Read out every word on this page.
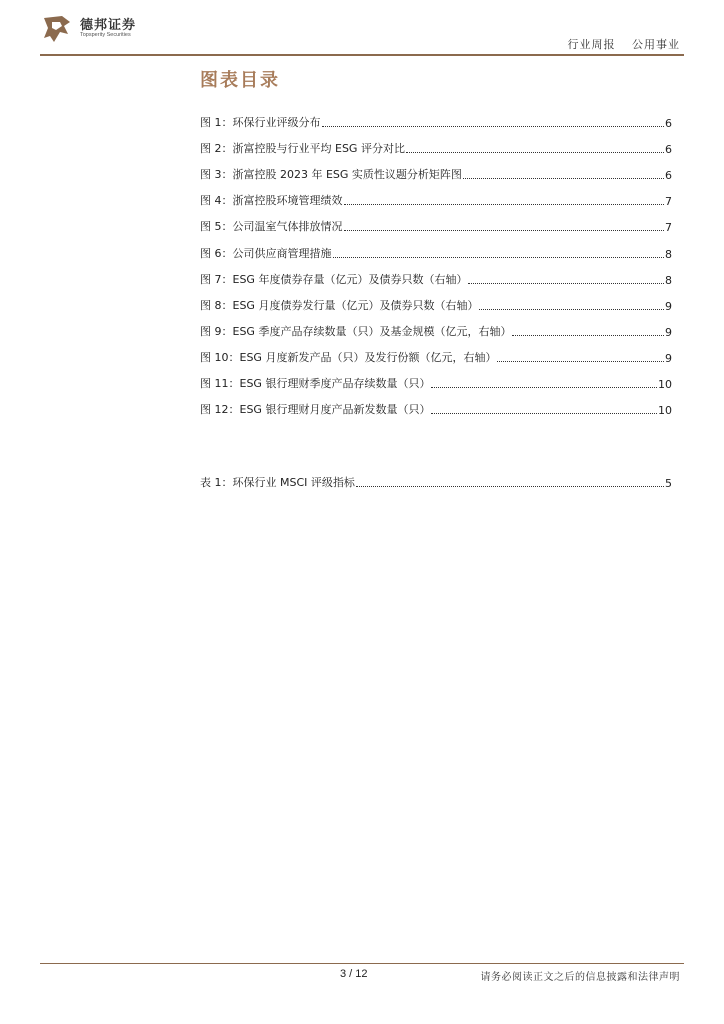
德邦证券
Topsperity Securities
行业周报 公用事业
图表目录
图 1：环保行业评级分布	6
图 2：浙富控股与行业平均 ESG 评分对比	6
图 3：浙富控股 2023 年 ESG 实质性议题分析矩阵图	6
图 4：浙富控股环境管理绩效	7
图 5：公司温室气体排放情况	7
图 6：公司供应商管理措施	8
图 7：ESG 年度债券存量（亿元）及债券只数（右轴）	8
图 8：ESG 月度债券发行量（亿元）及债券只数（右轴）	9
图 9：ESG 季度产品存续数量（只）及基金规模（亿元，右轴）	9
图 10：ESG 月度新发产品（只）及发行份额（亿元，右轴）	9
图 11：ESG 银行理财季度产品存续数量（只）	10
图 12：ESG 银行理财月度产品新发数量（只）	10
表 1：环保行业 MSCI 评级指标	5
3 / 12	请务必阅读正文之后的信息披露和法律声明
